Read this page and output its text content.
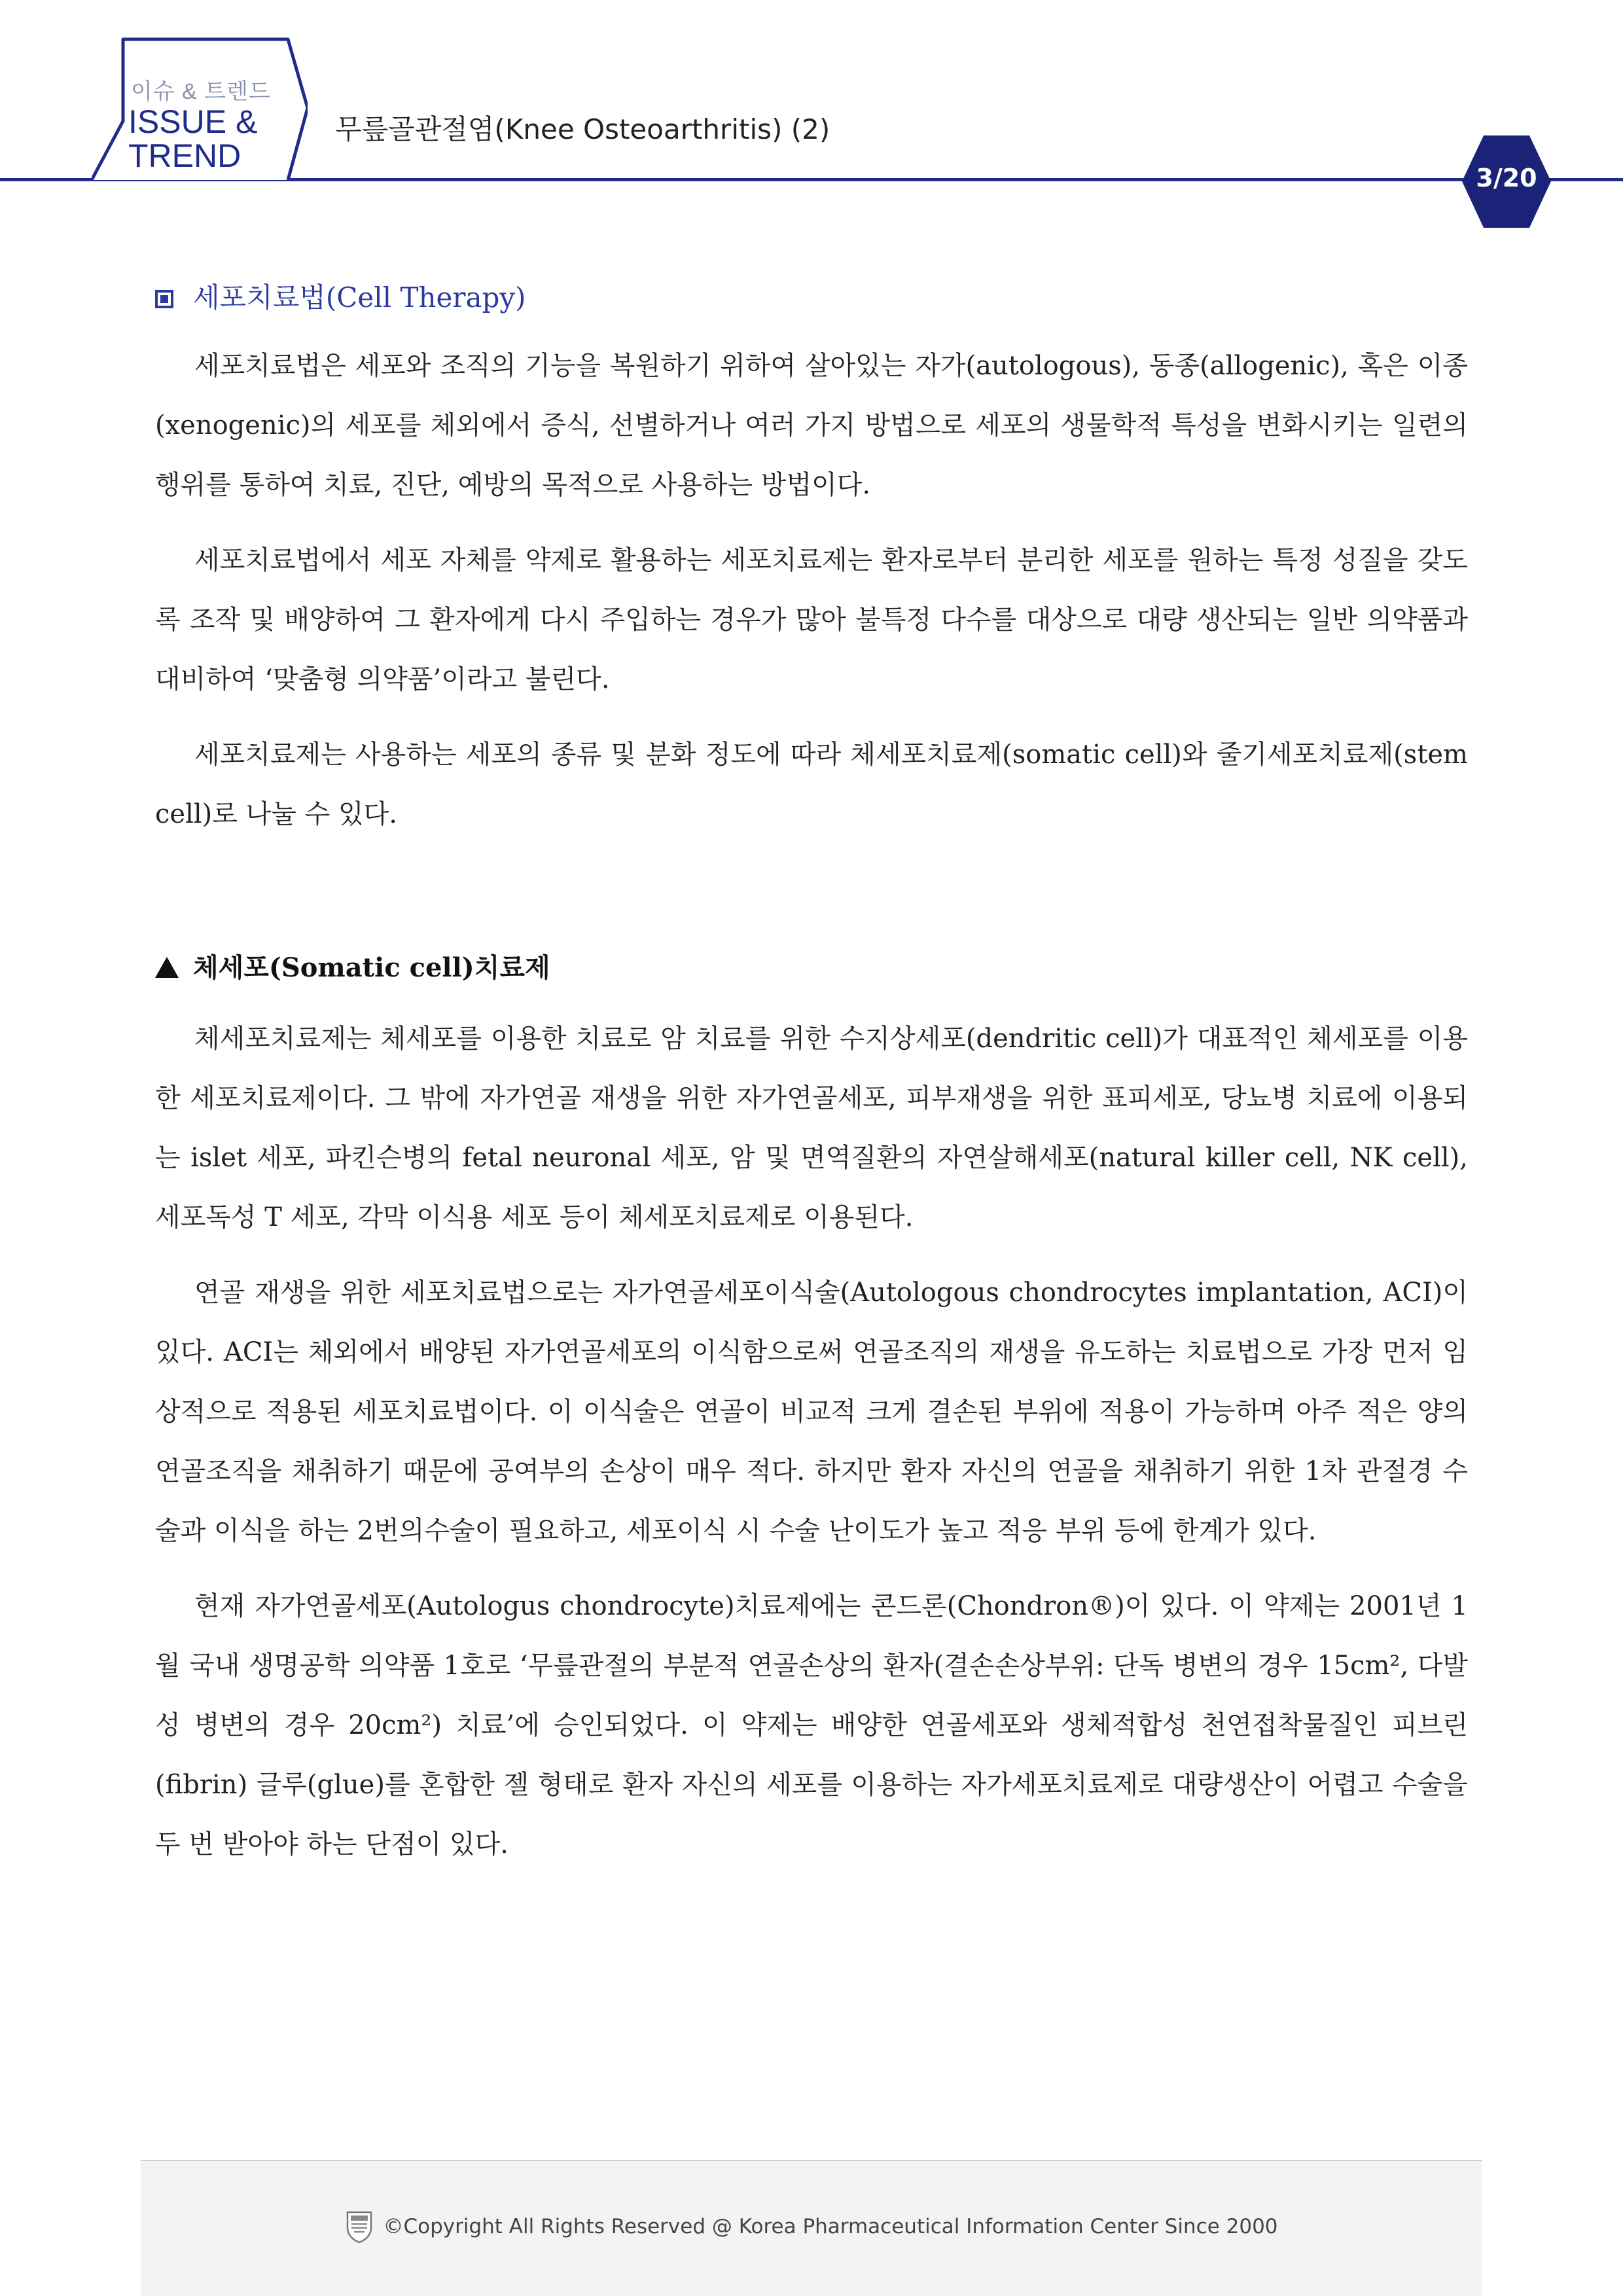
이슈 & 트렌드
ISSUE &
TREND
무릎골관절염(Knee Osteoarthritis) (2)
3/20
세포치료법(Cell Therapy)

세포치료법은 세포와 조직의 기능을 복원하기 위하여 살아있는 자가(autologous), 동종(allogenic), 혹은 이종(xenogenic)의 세포를 체외에서 증식, 선별하거나 여러 가지 방법으로 세포의 생물학적 특성을 변화시키는 일련의 행위를 통하여 치료, 진단, 예방의 목적으로 사용하는 방법이다.

세포치료법에서 세포 자체를 약제로 활용하는 세포치료제는 환자로부터 분리한 세포를 원하는 특정 성질을 갖도록 조작 및 배양하여 그 환자에게 다시 주입하는 경우가 많아 불특정 다수를 대상으로 대량 생산되는 일반 의약품과 대비하여 ‘맞춤형 의약품’이라고 불린다.

세포치료제는 사용하는 세포의 종류 및 분화 정도에 따라 체세포치료제(somatic cell)와 줄기세포치료제(stem cell)로 나눌 수 있다.

체세포(Somatic cell)치료제

체세포치료제는 체세포를 이용한 치료로 암 치료를 위한 수지상세포(dendritic cell)가 대표적인 체세포를 이용한 세포치료제이다. 그 밖에 자가연골 재생을 위한 자가연골세포, 피부재생을 위한 표피세포, 당뇨병 치료에 이용되는 islet 세포, 파킨슨병의 fetal neuronal 세포, 암 및 면역질환의 자연살해세포(natural killer cell, NK cell), 세포독성 T 세포, 각막 이식용 세포 등이 체세포치료제로 이용된다.

연골 재생을 위한 세포치료법으로는 자가연골세포이식술(Autologous chondrocytes implantation, ACI)이 있다. ACI는 체외에서 배양된 자가연골세포의 이식함으로써 연골조직의 재생을 유도하는 치료법으로 가장 먼저 임상적으로 적용된 세포치료법이다. 이 이식술은 연골이 비교적 크게 결손된 부위에 적용이 가능하며 아주 적은 양의 연골조직을 채취하기 때문에 공여부의 손상이 매우 적다. 하지만 환자 자신의 연골을 채취하기 위한 1차 관절경 수술과 이식을 하는 2번의수술이 필요하고, 세포이식 시 수술 난이도가 높고 적응 부위 등에 한계가 있다.

현재 자가연골세포(Autologus chondrocyte)치료제에는 콘드론(Chondron®)이 있다. 이 약제는 2001년 1월 국내 생명공학 의약품 1호로 ‘무릎관절의 부분적 연골손상의 환자(결손손상부위: 단독 병변의 경우 15cm², 다발성 병변의 경우 20cm²) 치료’에 승인되었다. 이 약제는 배양한 연골세포와 생체적합성 천연접착물질인 피브린(fibrin) 글루(glue)를 혼합한 젤 형태로 환자 자신의 세포를 이용하는 자가세포치료제로 대량생산이 어렵고 수술을 두 번 받아야 하는 단점이 있다.

©Copyright All Rights Reserved @ Korea Pharmaceutical Information Center Since 2000
